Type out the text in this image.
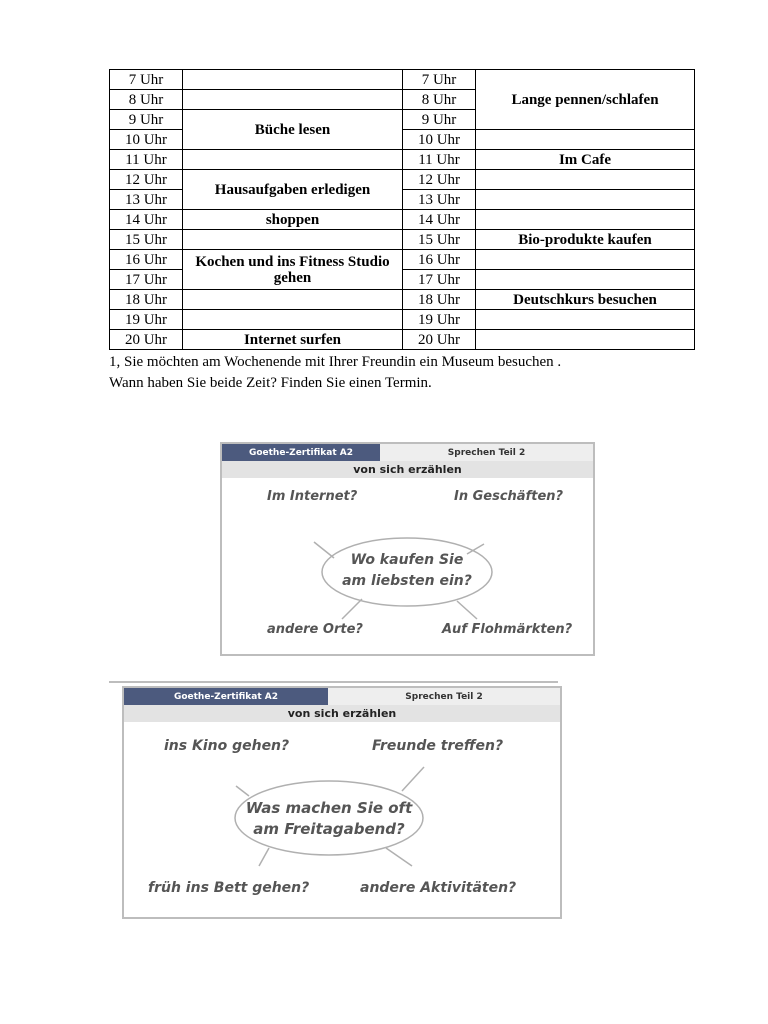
7 Uhr		7 Uhr	Lange pennen/schlafen
8 Uhr		8 Uhr	
9 Uhr	Büche lesen	9 Uhr	
10 Uhr		10 Uhr	
11 Uhr		11 Uhr	Im Cafe
12 Uhr	Hausaufgaben erledigen	12 Uhr	
13 Uhr		13 Uhr	
14 Uhr	shoppen	14 Uhr	
15 Uhr		15 Uhr	Bio-produkte kaufen
16 Uhr	Kochen und ins Fitness Studio gehen	16 Uhr	
17 Uhr		17 Uhr	
18 Uhr		18 Uhr	Deutschkurs besuchen
19 Uhr		19 Uhr	
20 Uhr	Internet surfen	20 Uhr	
1, Sie möchten am Wochenende mit Ihrer Freundin ein Museum besuchen .
Wann haben Sie beide Zeit? Finden Sie einen Termin.
Goethe-Zertifikat A2	Sprechen Teil 2
von sich erzählen
Im Internet?	In Geschäften?
andere Orte?	Auf Flohmärkten?
Wo kaufen Sie
am liebsten ein?
Goethe-Zertifikat A2	Sprechen Teil 2
von sich erzählen
ins Kino gehen?	Freunde treffen?
früh ins Bett gehen?	andere Aktivitäten?
Was machen Sie oft
am Freitagabend?
